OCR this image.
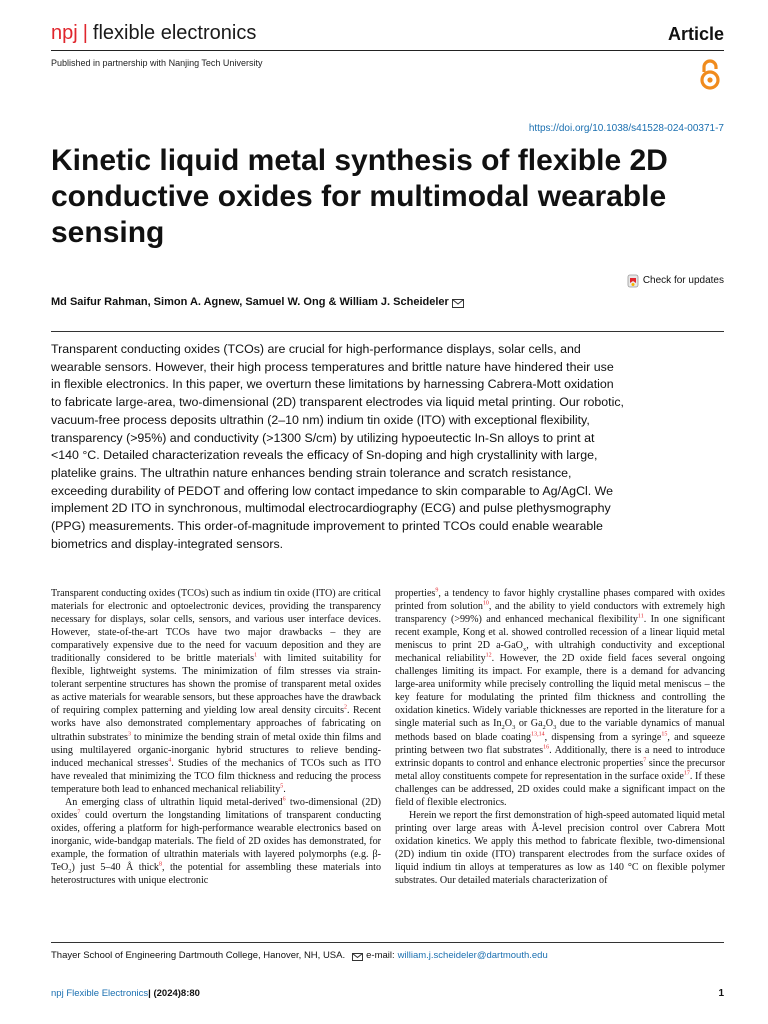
npj | flexible electronics	Article
Published in partnership with Nanjing Tech University
https://doi.org/10.1038/s41528-024-00371-7
Kinetic liquid metal synthesis of flexible 2D conductive oxides for multimodal wearable sensing
Check for updates
Md Saifur Rahman, Simon A. Agnew, Samuel W. Ong & William J. Scheideler

Transparent conducting oxides (TCOs) are crucial for high-performance displays, solar cells, and wearable sensors. However, their high process temperatures and brittle nature have hindered their use in flexible electronics. In this paper, we overturn these limitations by harnessing Cabrera-Mott oxidation to fabricate large-area, two-dimensional (2D) transparent electrodes via liquid metal printing. Our robotic, vacuum-free process deposits ultrathin (2–10 nm) indium tin oxide (ITO) with exceptional flexibility, transparency (>95%) and conductivity (>1300 S/cm) by utilizing hypoeutectic In-Sn alloys to print at <140 °C. Detailed characterization reveals the efficacy of Sn-doping and high crystallinity with large, platelike grains. The ultrathin nature enhances bending strain tolerance and scratch resistance, exceeding durability of PEDOT and offering low contact impedance to skin comparable to Ag/AgCl. We implement 2D ITO in synchronous, multimodal electrocardiography (ECG) and pulse plethysmography (PPG) measurements. This order-of-magnitude improvement to printed TCOs could enable wearable biometrics and display-integrated sensors.

Transparent conducting oxides (TCOs) such as indium tin oxide (ITO) are critical materials for electronic and optoelectronic devices, providing the transparency necessary for displays, solar cells, sensors, and various user interface devices. However, state-of-the-art TCOs have two major drawbacks – they are comparatively expensive due to the need for vacuum deposition and they are traditionally considered to be brittle materials$^1$ with limited suitability for flexible, lightweight systems. The minimization of film stresses via strain-tolerant serpentine structures has shown the promise of transparent metal oxides as active materials for wearable sensors, but these approaches have the drawback of requiring complex patterning and yielding low areal density circuits$^2$. Recent works have also demonstrated complementary approaches of fabricating on ultrathin substrates$^3$ to minimize the bending strain of metal oxide thin films and using multilayered organic-inorganic hybrid structures to relieve bending-induced mechanical stresses$^4$. Studies of the mechanics of TCOs such as ITO have revealed that minimizing the TCO film thickness and reducing the process temperature both lead to enhanced mechanical reliability$^5$.

An emerging class of ultrathin liquid metal-derived$^6$ two-dimensional (2D) oxides$^7$ could overturn the longstanding limitations of transparent conducting oxides, offering a platform for high-performance wearable electronics based on inorganic, wide-bandgap materials. The field of 2D oxides has demonstrated, for example, the formation of ultrathin materials with layered polymorphs (e.g. β-TeO$_2$) just 5–40 Å thick$^8$, the potential for assembling these materials into heterostructures with unique electronic

properties$^9$, a tendency to favor highly crystalline phases compared with oxides printed from solution$^{10}$, and the ability to yield conductors with extremely high transparency (>99%) and enhanced mechanical flexibility$^{11}$. In one significant recent example, Kong et al. showed controlled recession of a linear liquid metal meniscus to print 2D a-GaO$_x$, with ultrahigh conductivity and exceptional mechanical reliability$^{12}$. However, the 2D oxide field faces several ongoing challenges limiting its impact. For example, there is a demand for advancing large-area uniformity while precisely controlling the liquid metal meniscus – the key feature for modulating the printed film thickness and controlling the oxidation kinetics. Widely variable thicknesses are reported in the literature for a single material such as $In_2O_3$ or $Ga_2O_3$ due to the variable dynamics of manual methods based on blade coating$^{13,14}$, dispensing from a syringe$^{15}$, and squeeze printing between two flat substrates$^{16}$. Additionally, there is a need to introduce extrinsic dopants to control and enhance electronic properties$^7$ since the precursor metal alloy constituents compete for representation in the surface oxide$^{17}$. If these challenges can be addressed, 2D oxides could make a significant impact on the field of flexible electronics.

Herein we report the first demonstration of high-speed automated liquid metal printing over large areas with Å-level precision control over Cabrera Mott oxidation kinetics. We apply this method to fabricate flexible, two-dimensional (2D) indium tin oxide (ITO) transparent electrodes from the surface oxides of liquid indium tin alloys at temperatures as low as 140 °C on flexible polymer substrates. Our detailed materials characterization of

Thayer School of Engineering Dartmouth College, Hanover, NH, USA. e-mail: william.j.scheideler@dartmouth.edu
npj Flexible Electronics| (2024)8:80	1
